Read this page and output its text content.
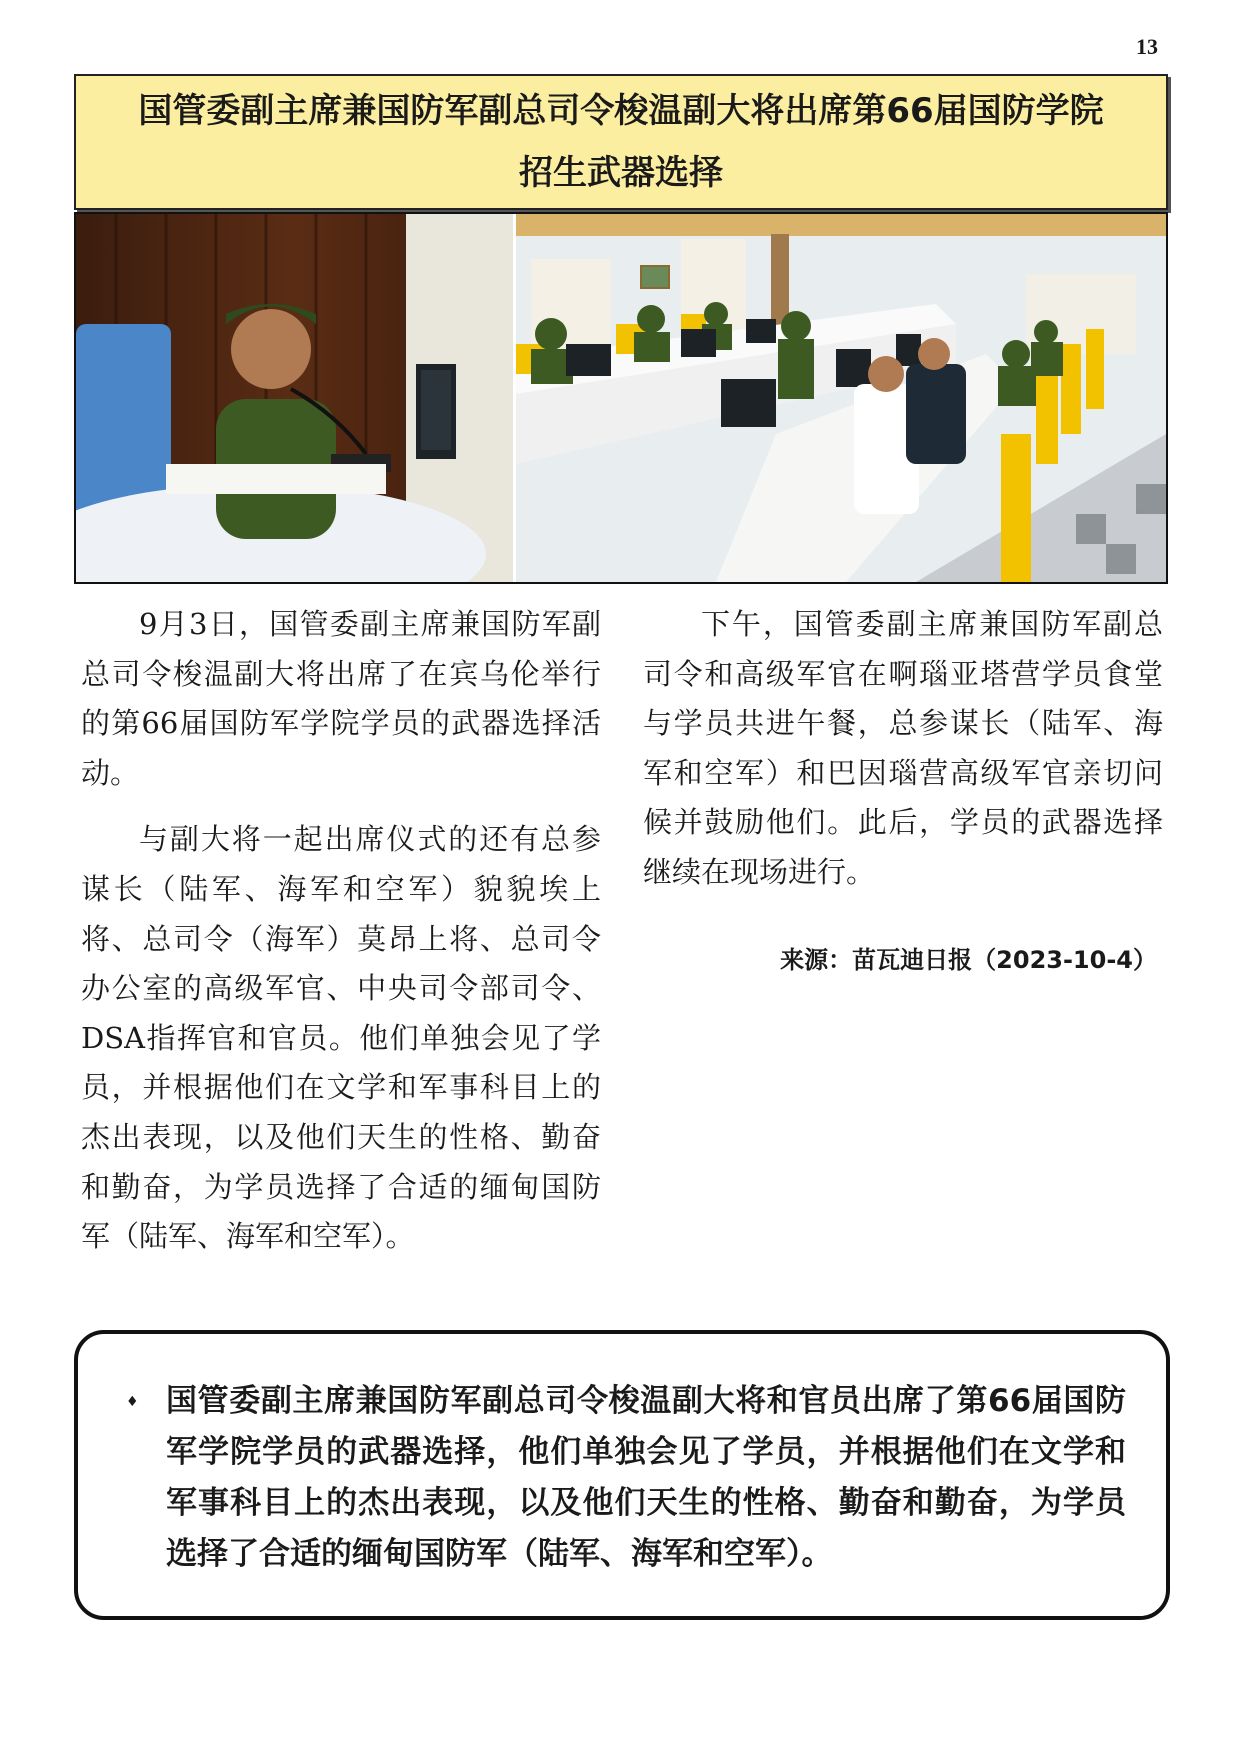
13
国管委副主席兼国防军副总司令梭温副大将出席第66届国防学院
招生武器选择

9月3日，国管委副主席兼国防军副总司令梭温副大将出席了在宾乌伦举行的第66届国防军学院学员的武器选择活动。

与副大将一起出席仪式的还有总参谋长（陆军、海军和空军）貌貌埃上将、总司令（海军）莫昂上将、总司令办公室的高级军官、中央司令部司令、DSA指挥官和官员。他们单独会见了学员，并根据他们在文学和军事科目上的杰出表现，以及他们天生的性格、勤奋和勤奋，为学员选择了合适的缅甸国防军（陆军、海军和空军）。

下午，国管委副主席兼国防军副总司令和高级军官在啊瑙亚塔营学员食堂与学员共进午餐，总参谋长（陆军、海军和空军）和巴因瑙营高级军官亲切问候并鼓励他们。此后，学员的武器选择继续在现场进行。

来源：苗瓦迪日报（2023-10-4）
♦ 国管委副主席兼国防军副总司令梭温副大将和官员出席了第66届国防军学院学员的武器选择，他们单独会见了学员，并根据他们在文学和军事科目上的杰出表现，以及他们天生的性格、勤奋和勤奋，为学员选择了合适的缅甸国防军（陆军、海军和空军）。
